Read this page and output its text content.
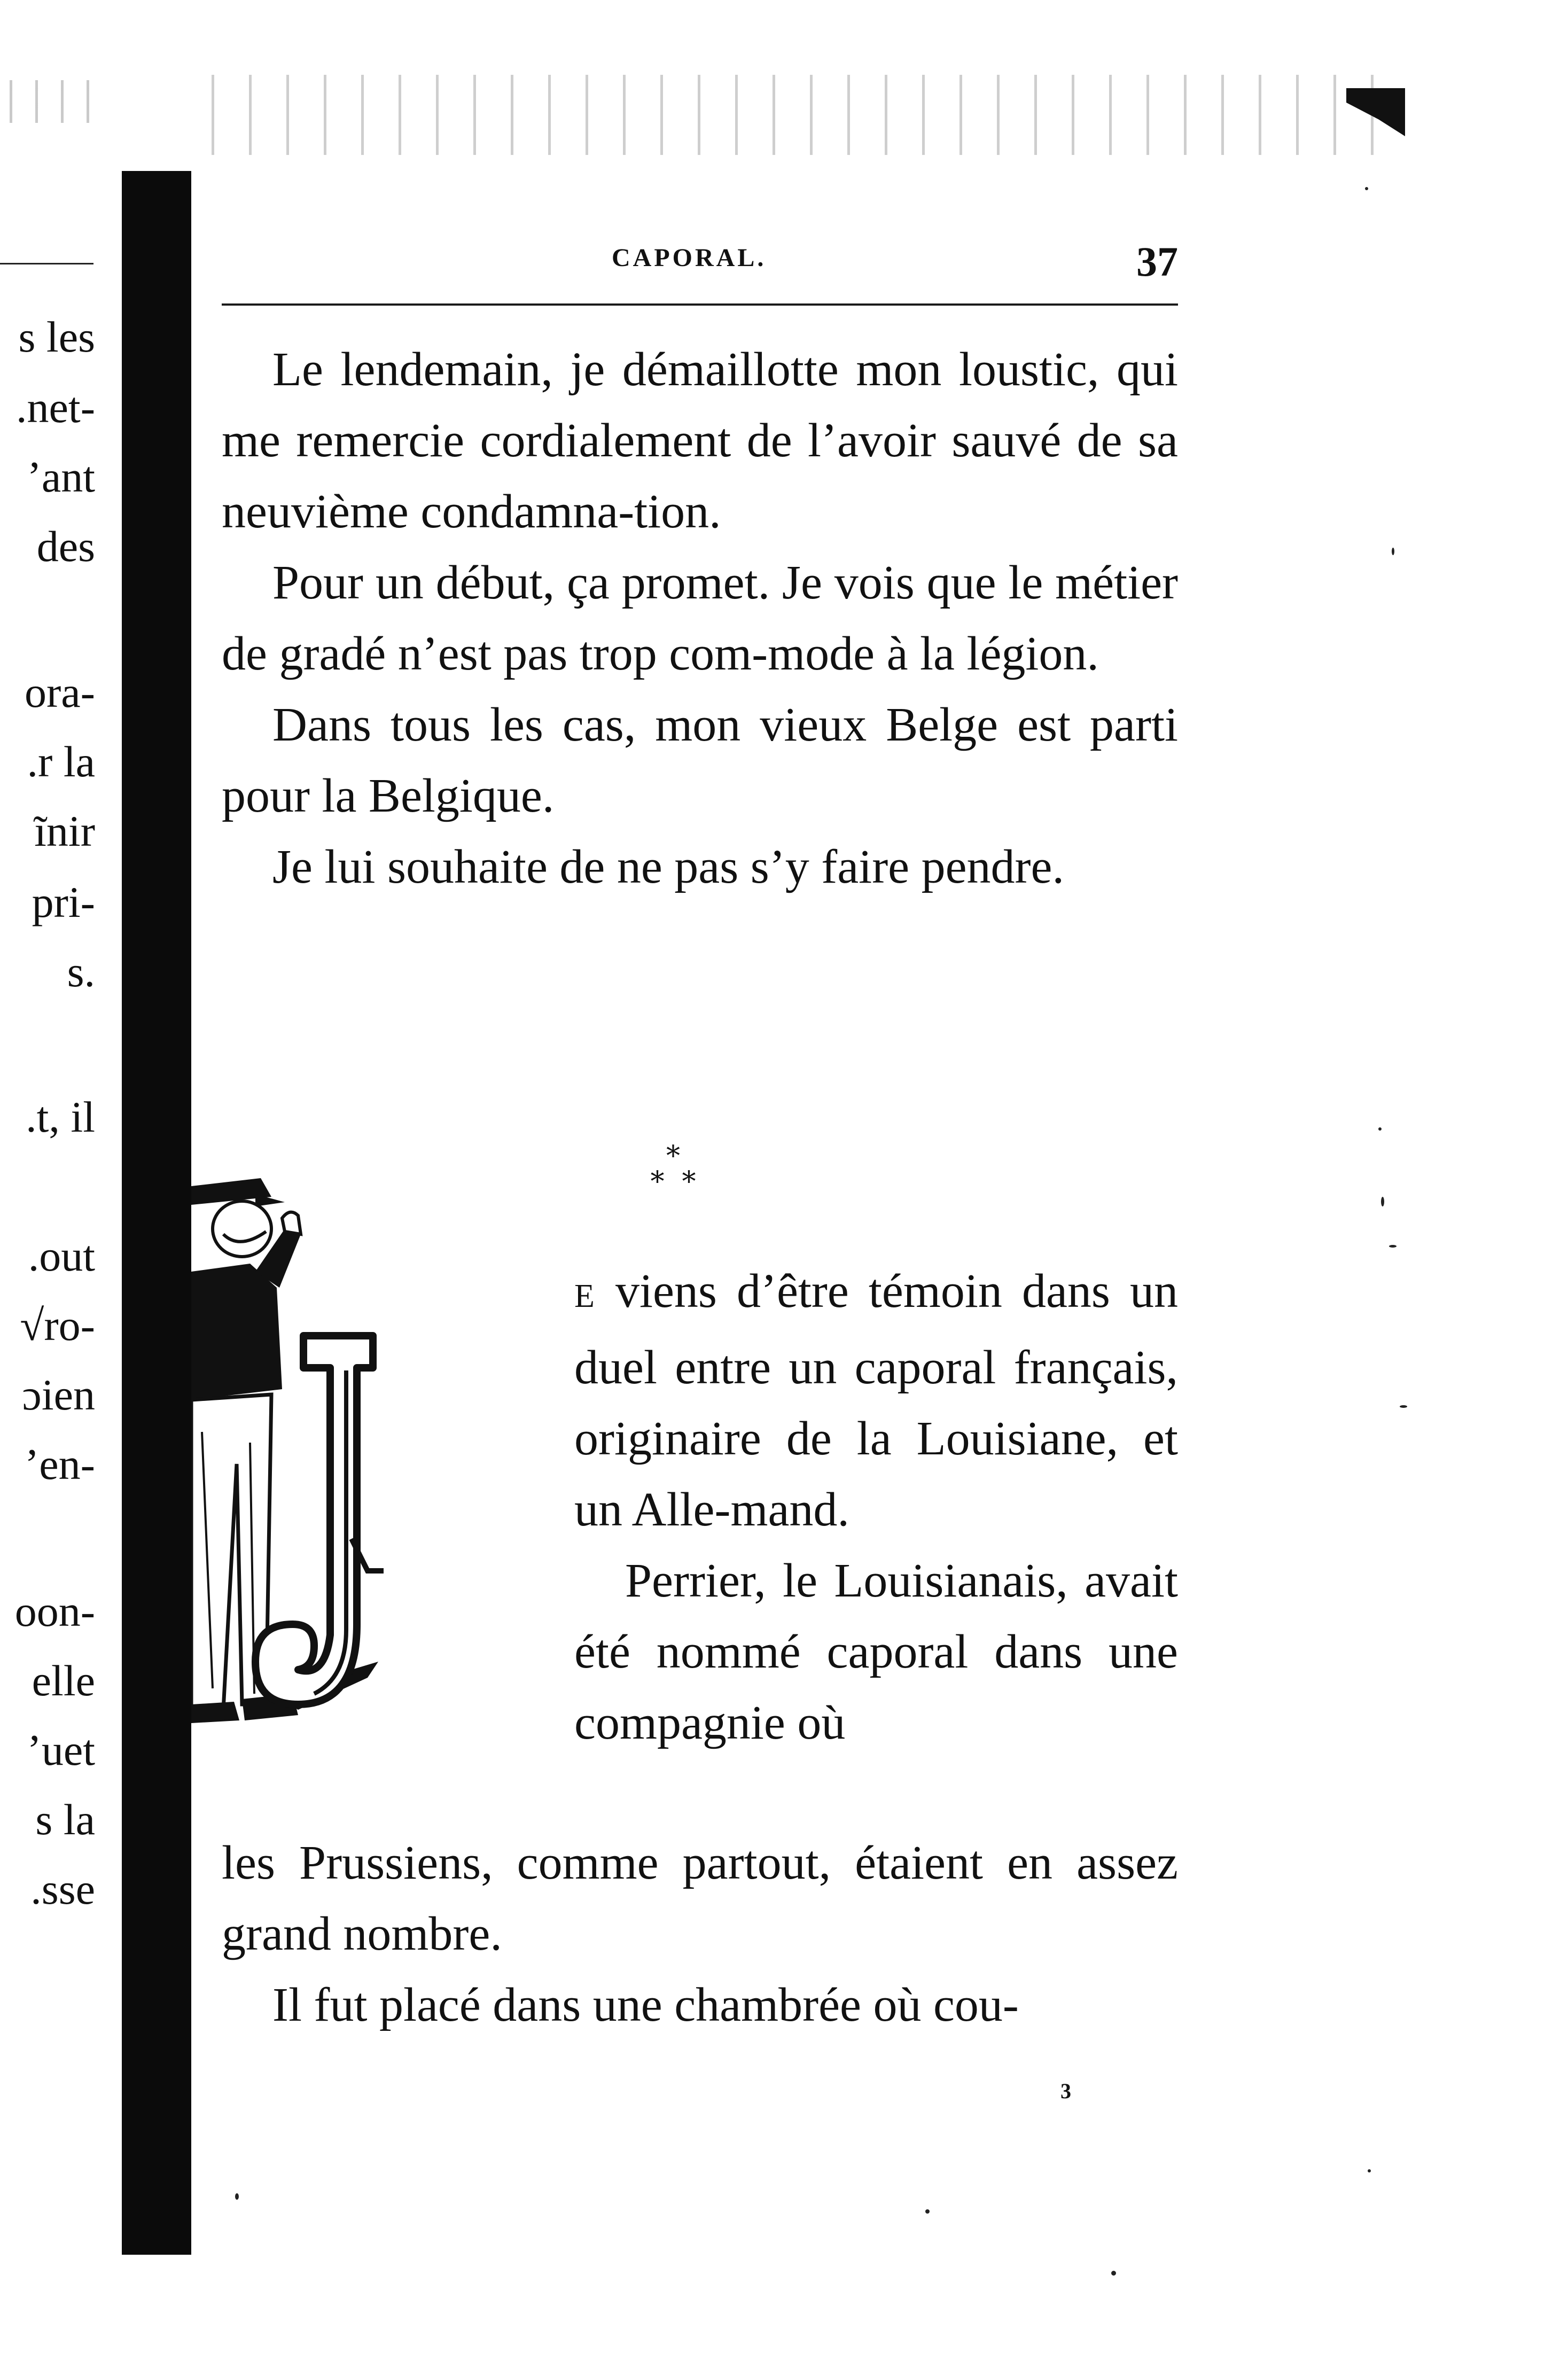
s les
.net-
’ant
des
ora-
.r la
ĩnir
pri-
s.
.t, il
.out
√ro-
ɔien
’en-
oon-
elle
’uet
s la
.sse
CAPORAL.	37

Le lendemain, je démaillotte mon loustic, qui me remercie cordialement de l’avoir sauvé de sa neuvième condamna-tion.

Pour un début, ça promet. Je vois que le métier de gradé n’est pas trop com-mode à la légion.

Dans tous les cas, mon vieux Belge est parti pour la Belgique.

Je lui souhaite de ne pas s’y faire pendre.

*
*  *

E viens d’être témoin dans un duel entre un caporal français, originaire de la Louisiane, et un Alle-mand.

Perrier, le Louisianais, avait été nommé caporal dans une compagnie où

les Prussiens, comme partout, étaient en assez grand nombre.

Il fut placé dans une chambrée où cou-

3
